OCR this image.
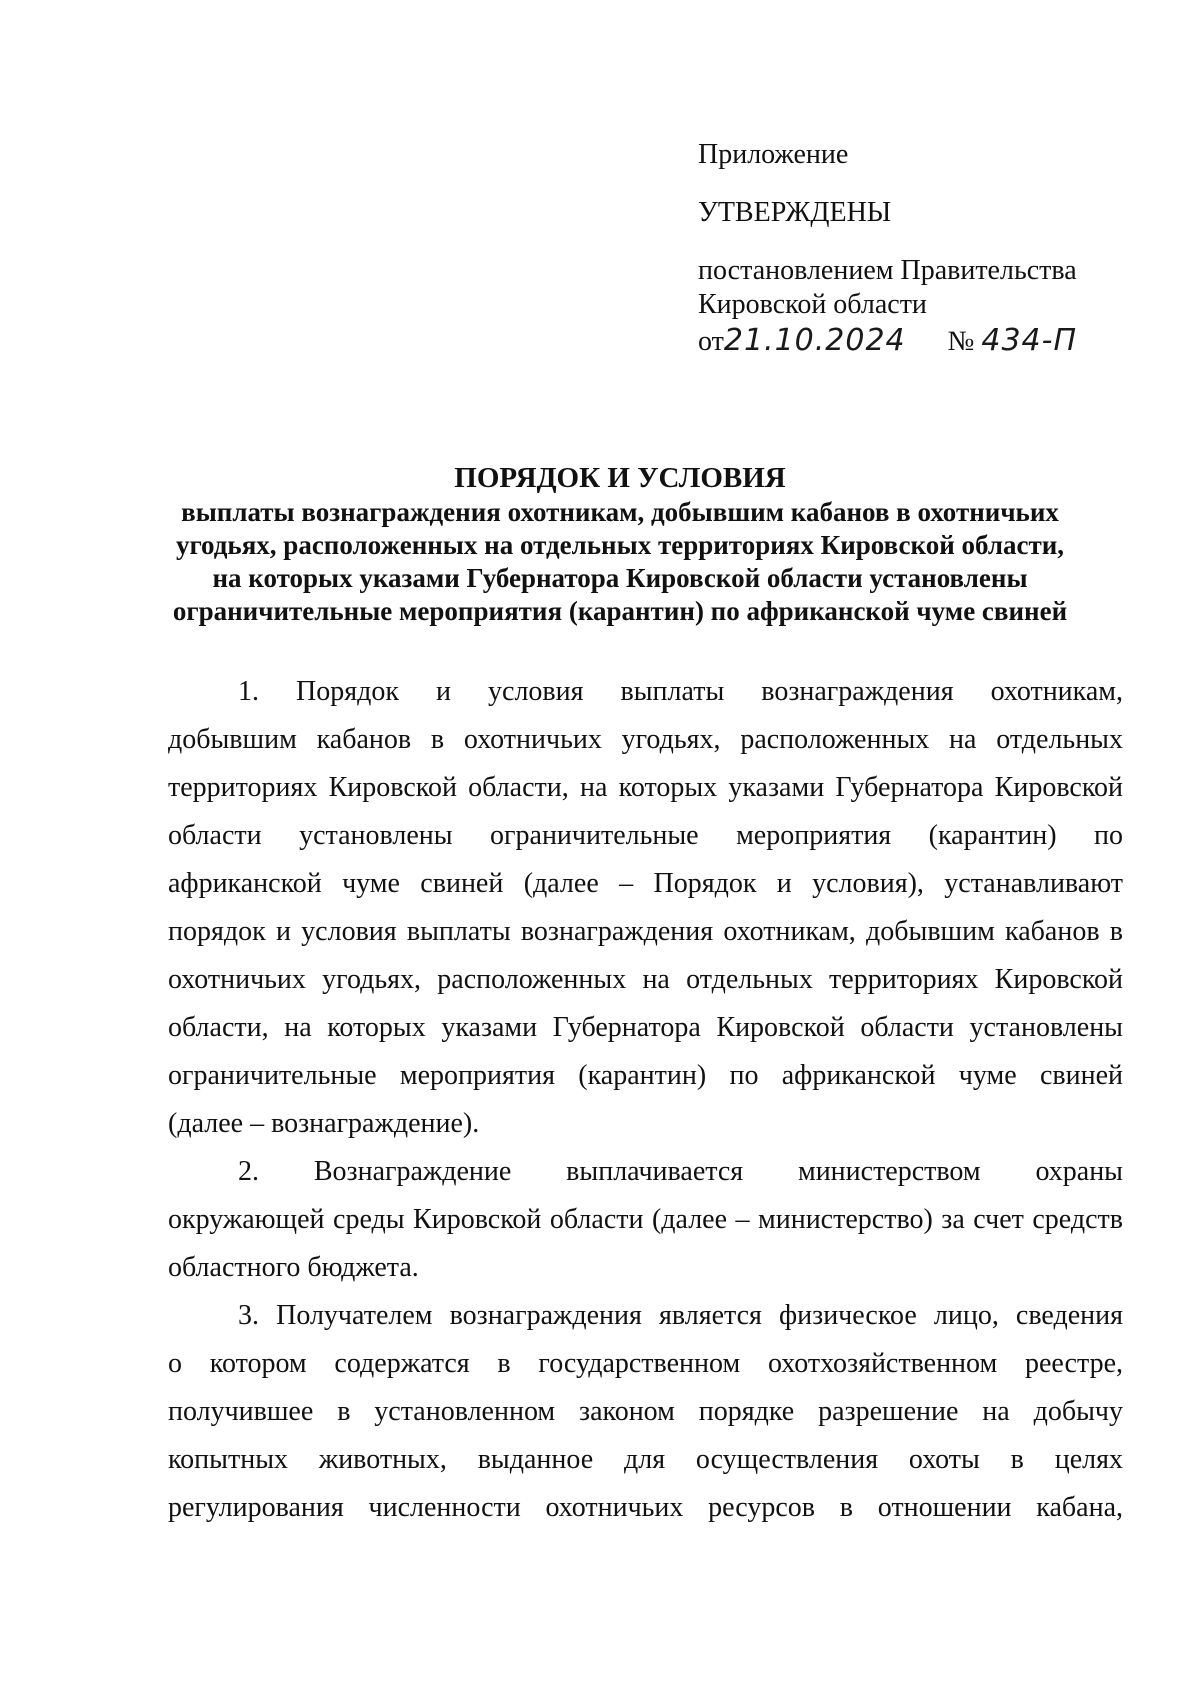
Приложение
УТВЕРЖДЕНЫ
постановлением Правительства
Кировской области
от21.10.2024 № 434-П
ПОРЯДОК И УСЛОВИЯ
выплаты вознаграждения охотникам, добывшим кабанов в охотничьих
угодьях, расположенных на отдельных территориях Кировской области,
на которых указами Губернатора Кировской области установлены
ограничительные мероприятия (карантин) по африканской чуме свиней
1. Порядок и условия выплаты вознаграждения охотникам,
добывшим кабанов в охотничьих угодьях, расположенных на отдельных
территориях Кировской области, на которых указами Губернатора Кировской
области установлены ограничительные мероприятия (карантин) по
африканской чуме свиней (далее – Порядок и условия), устанавливают
порядок и условия выплаты вознаграждения охотникам, добывшим кабанов в
охотничьих угодьях, расположенных на отдельных территориях Кировской
области, на которых указами Губернатора Кировской области установлены
ограничительные мероприятия (карантин) по африканской чуме свиней
(далее – вознаграждение).
2. Вознаграждение выплачивается министерством охраны
окружающей среды Кировской области (далее – министерство) за счет средств
областного бюджета.
3. Получателем вознаграждения является физическое лицо, сведения
о котором содержатся в государственном охотхозяйственном реестре,
получившее в установленном законом порядке разрешение на добычу
копытных животных, выданное для осуществления охоты в целях
регулирования численности охотничьих ресурсов в отношении кабана,
